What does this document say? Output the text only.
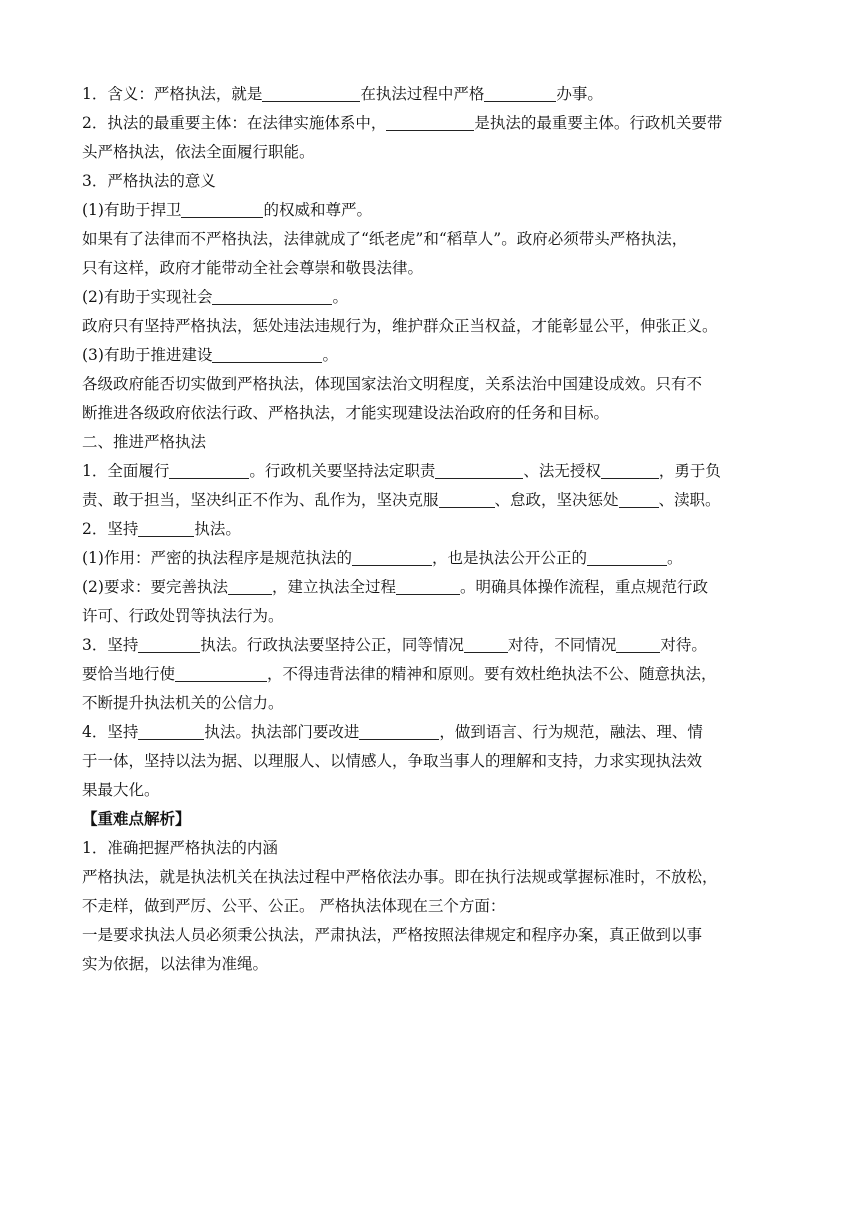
1．含义：严格执法，就是	在执法过程中严格	办事。
2．执法的最重要主体：在法律实施体系中，	是执法的最重要主体。行政机关要带
头严格执法，依法全面履行职能。
3．严格执法的意义
(1)有助于捍卫	的权威和尊严。
如果有了法律而不严格执法，法律就成了“纸老虎”和“稻草人”。政府必须带头严格执法，
只有这样，政府才能带动全社会尊崇和敬畏法律。
(2)有助于实现社会	。
政府只有坚持严格执法，惩处违法违规行为，维护群众正当权益，才能彰显公平，伸张正义。
(3)有助于推进建设	。
各级政府能否切实做到严格执法，体现国家法治文明程度，关系法治中国建设成效。只有不
断推进各级政府依法行政、严格执法，才能实现建设法治政府的任务和目标。
二、推进严格执法
1．全面履行	。行政机关要坚持法定职责	、法无授权	，勇于负
责、敢于担当，坚决纠正不作为、乱作为，坚决克服	、怠政，坚决惩处	、渎职。
2．坚持	执法。
(1)作用：严密的执法程序是规范执法的	，也是执法公开公正的	。
(2)要求：要完善执法	，建立执法全过程	。明确具体操作流程，重点规范行政
许可、行政处罚等执法行为。
3．坚持	执法。行政执法要坚持公正，同等情况	对待，不同情况	对待。
要恰当地行使	，不得违背法律的精神和原则。要有效杜绝执法不公、随意执法，
不断提升执法机关的公信力。
4．坚持	执法。执法部门要改进	，做到语言、行为规范，融法、理、情
于一体，坚持以法为据、以理服人、以情感人，争取当事人的理解和支持，力求实现执法效
果最大化。
【重难点解析】
1．准确把握严格执法的内涵
严格执法，就是执法机关在执法过程中严格依法办事。即在执行法规或掌握标准时，不放松，
不走样，做到严厉、公平、公正。 严格执法体现在三个方面：
一是要求执法人员必须秉公执法，严肃执法，严格按照法律规定和程序办案，真正做到以事
实为依据，以法律为准绳。
